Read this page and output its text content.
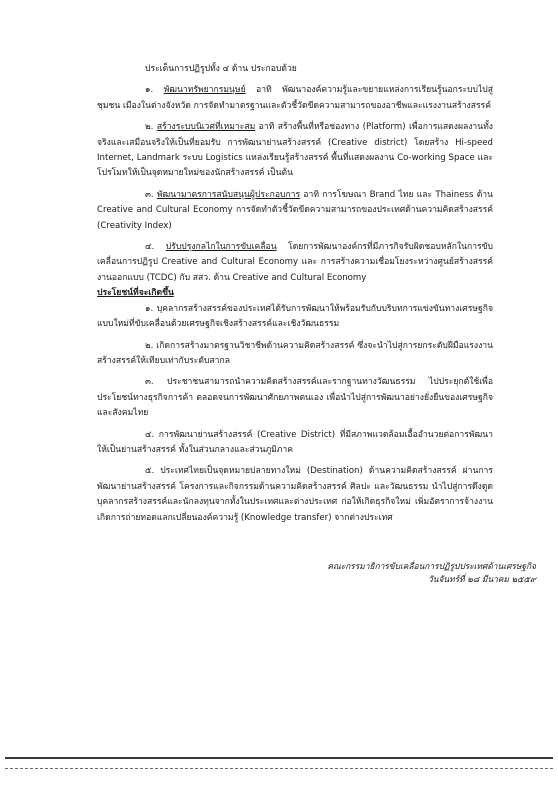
ประเด็นการปฏิรูปทั้ง ๔ ด้าน ประกอบด้วย

๑. พัฒนาทรัพยากรมนุษย์ อาทิ พัฒนาองค์ความรู้และขยายแหล่งการเรียนรู้นอกระบบไปสู่ชุมชน เมืองในต่างจังหวัด การจัดทำมาตรฐานและตัวชี้วัดขีดความสามารถของอาชีพและแรงงานสร้างสรรค์

๒. สร้างระบบนิเวศที่เหมาะสม อาทิ สร้างพื้นที่หรือช่องทาง (Platform) เพื่อการแสดงผลงานทั้งจริงและเสมือนจริงให้เป็นที่ยอมรับ การพัฒนาย่านสร้างสรรค์ (Creative district) โดยสร้าง Hi-speed Internet, Landmark ระบบ Logistics แหล่งเรียนรู้สร้างสรรค์ พื้นที่แสดงผลงาน Co-working Space และโปรโมทให้เป็นจุดหมายใหม่ของนักสร้างสรรค์ เป็นต้น

๓. พัฒนามาตรการสนับสนุนผู้ประกอบการ อาทิ การโฆษณา Brand ไทย และ Thainess ด้าน Creative and Cultural Economy การจัดทำตัวชี้วัดขีดความสามารถของประเทศด้านความคิดสร้างสรรค์ (Creativity Index)

๔. ปรับปรุงกลไกในการขับเคลื่อน โดยการพัฒนาองค์กรที่มีภารกิจรับผิดชอบหลักในการขับเคลื่อนการปฏิรูป Creative and Cultural Economy และ การสร้างความเชื่อมโยงระหว่างศูนย์สร้างสรรค์งานออกแบบ (TCDC) กับ สสว. ด้าน Creative and Cultural Economy

ประโยชน์ที่จะเกิดขึ้น

๑. บุคลากรสร้างสรรค์ของประเทศได้รับการพัฒนาให้พร้อมรับกับบริบทการแข่งขันทางเศรษฐกิจแบบใหม่ที่ขับเคลื่อนด้วยเศรษฐกิจเชิงสร้างสรรค์และเชิงวัฒนธรรม

๒. เกิดการสร้างมาตรฐานวิชาชีพด้านความคิดสร้างสรรค์ ซึ่งจะนำไปสู่การยกระดับฝีมือแรงงานสร้างสรรค์ให้เทียบเท่ากับระดับสากล

๓. ประชาชนสามารถนำความคิดสร้างสรรค์และรากฐานทางวัฒนธรรม ไปประยุกต์ใช้เพื่อประโยชน์ทางธุรกิจการค้า ตลอดจนการพัฒนาศักยภาพตนเอง เพื่อนำไปสู่การพัฒนาอย่างยั่งยืนของเศรษฐกิจและสังคมไทย

๔. การพัฒนาย่านสร้างสรรค์ (Creative District) ที่มีสภาพแวดล้อมเอื้ออำนวยต่อการพัฒนาให้เป็นย่านสร้างสรรค์ ทั้งในส่วนกลางและส่วนภูมิภาค

๕. ประเทศไทยเป็นจุดหมายปลายทางใหม่ (Destination) ด้านความคิดสร้างสรรค์ ผ่านการพัฒนาย่านสร้างสรรค์ โครงการและกิจกรรมด้านความคิดสร้างสรรค์ ศิลปะ และวัฒนธรรม นำไปสู่การดึงดูดบุคลากรสร้างสรรค์และนักลงทุนจากทั้งในประเทศและต่างประเทศ ก่อให้เกิดธุรกิจใหม่ เพิ่มอัตราการจ้างงาน เกิดการถ่ายทอดแลกเปลี่ยนองค์ความรู้ (Knowledge transfer) จากต่างประเทศ

คณะกรรมาธิการขับเคลื่อนการปฏิรูปประเทศด้านเศรษฐกิจ
วันจันทร์ที่ ๒๘ มีนาคม ๒๕๕๙
